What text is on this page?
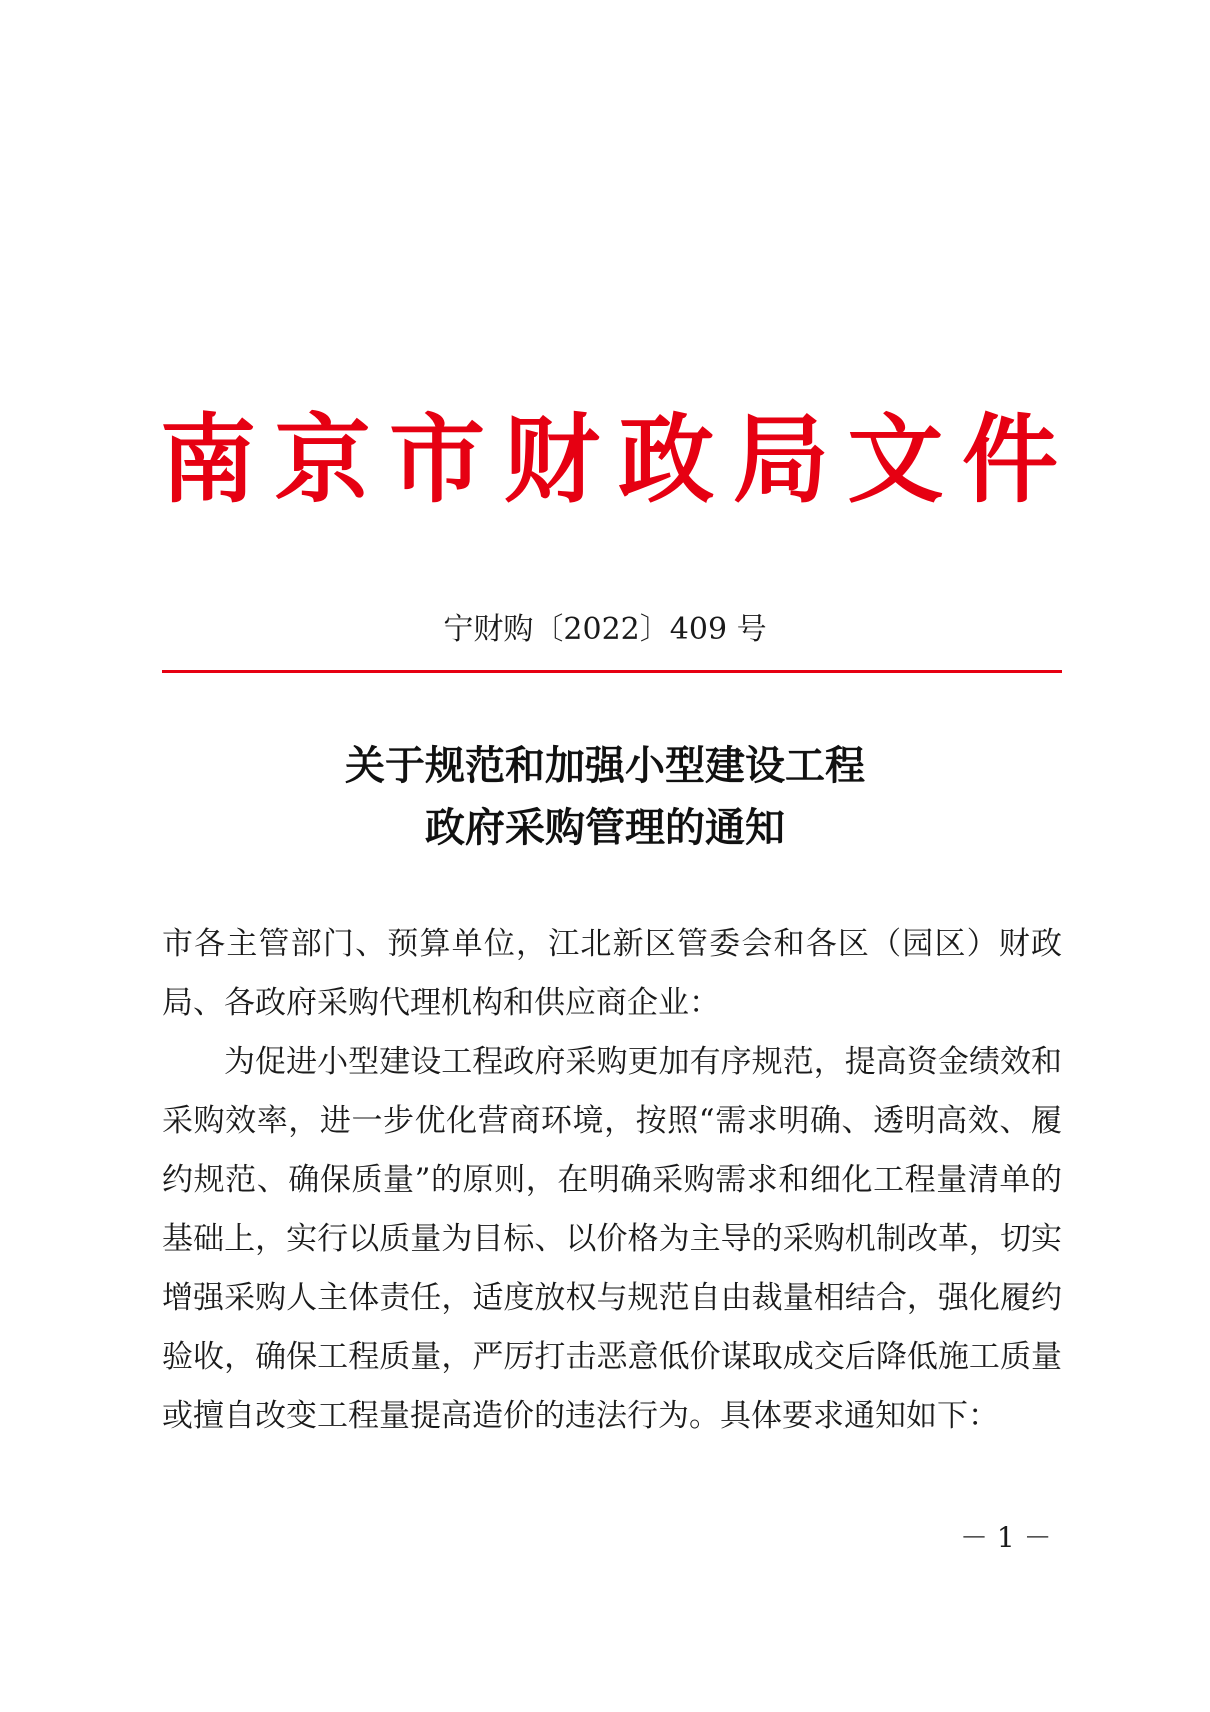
南京市财政局文件
宁财购〔2022〕409 号
关于规范和加强小型建设工程
政府采购管理的通知

市各主管部门、预算单位，江北新区管委会和各区（园区）财政局、各政府采购代理机构和供应商企业：

为促进小型建设工程政府采购更加有序规范，提高资金绩效和采购效率，进一步优化营商环境，按照“需求明确、透明高效、履约规范、确保质量”的原则，在明确采购需求和细化工程量清单的基础上，实行以质量为目标、以价格为主导的采购机制改革，切实增强采购人主体责任，适度放权与规范自由裁量相结合，强化履约验收，确保工程质量，严厉打击恶意低价谋取成交后降低施工质量或擅自改变工程量提高造价的违法行为。具体要求通知如下：

－ 1 －
